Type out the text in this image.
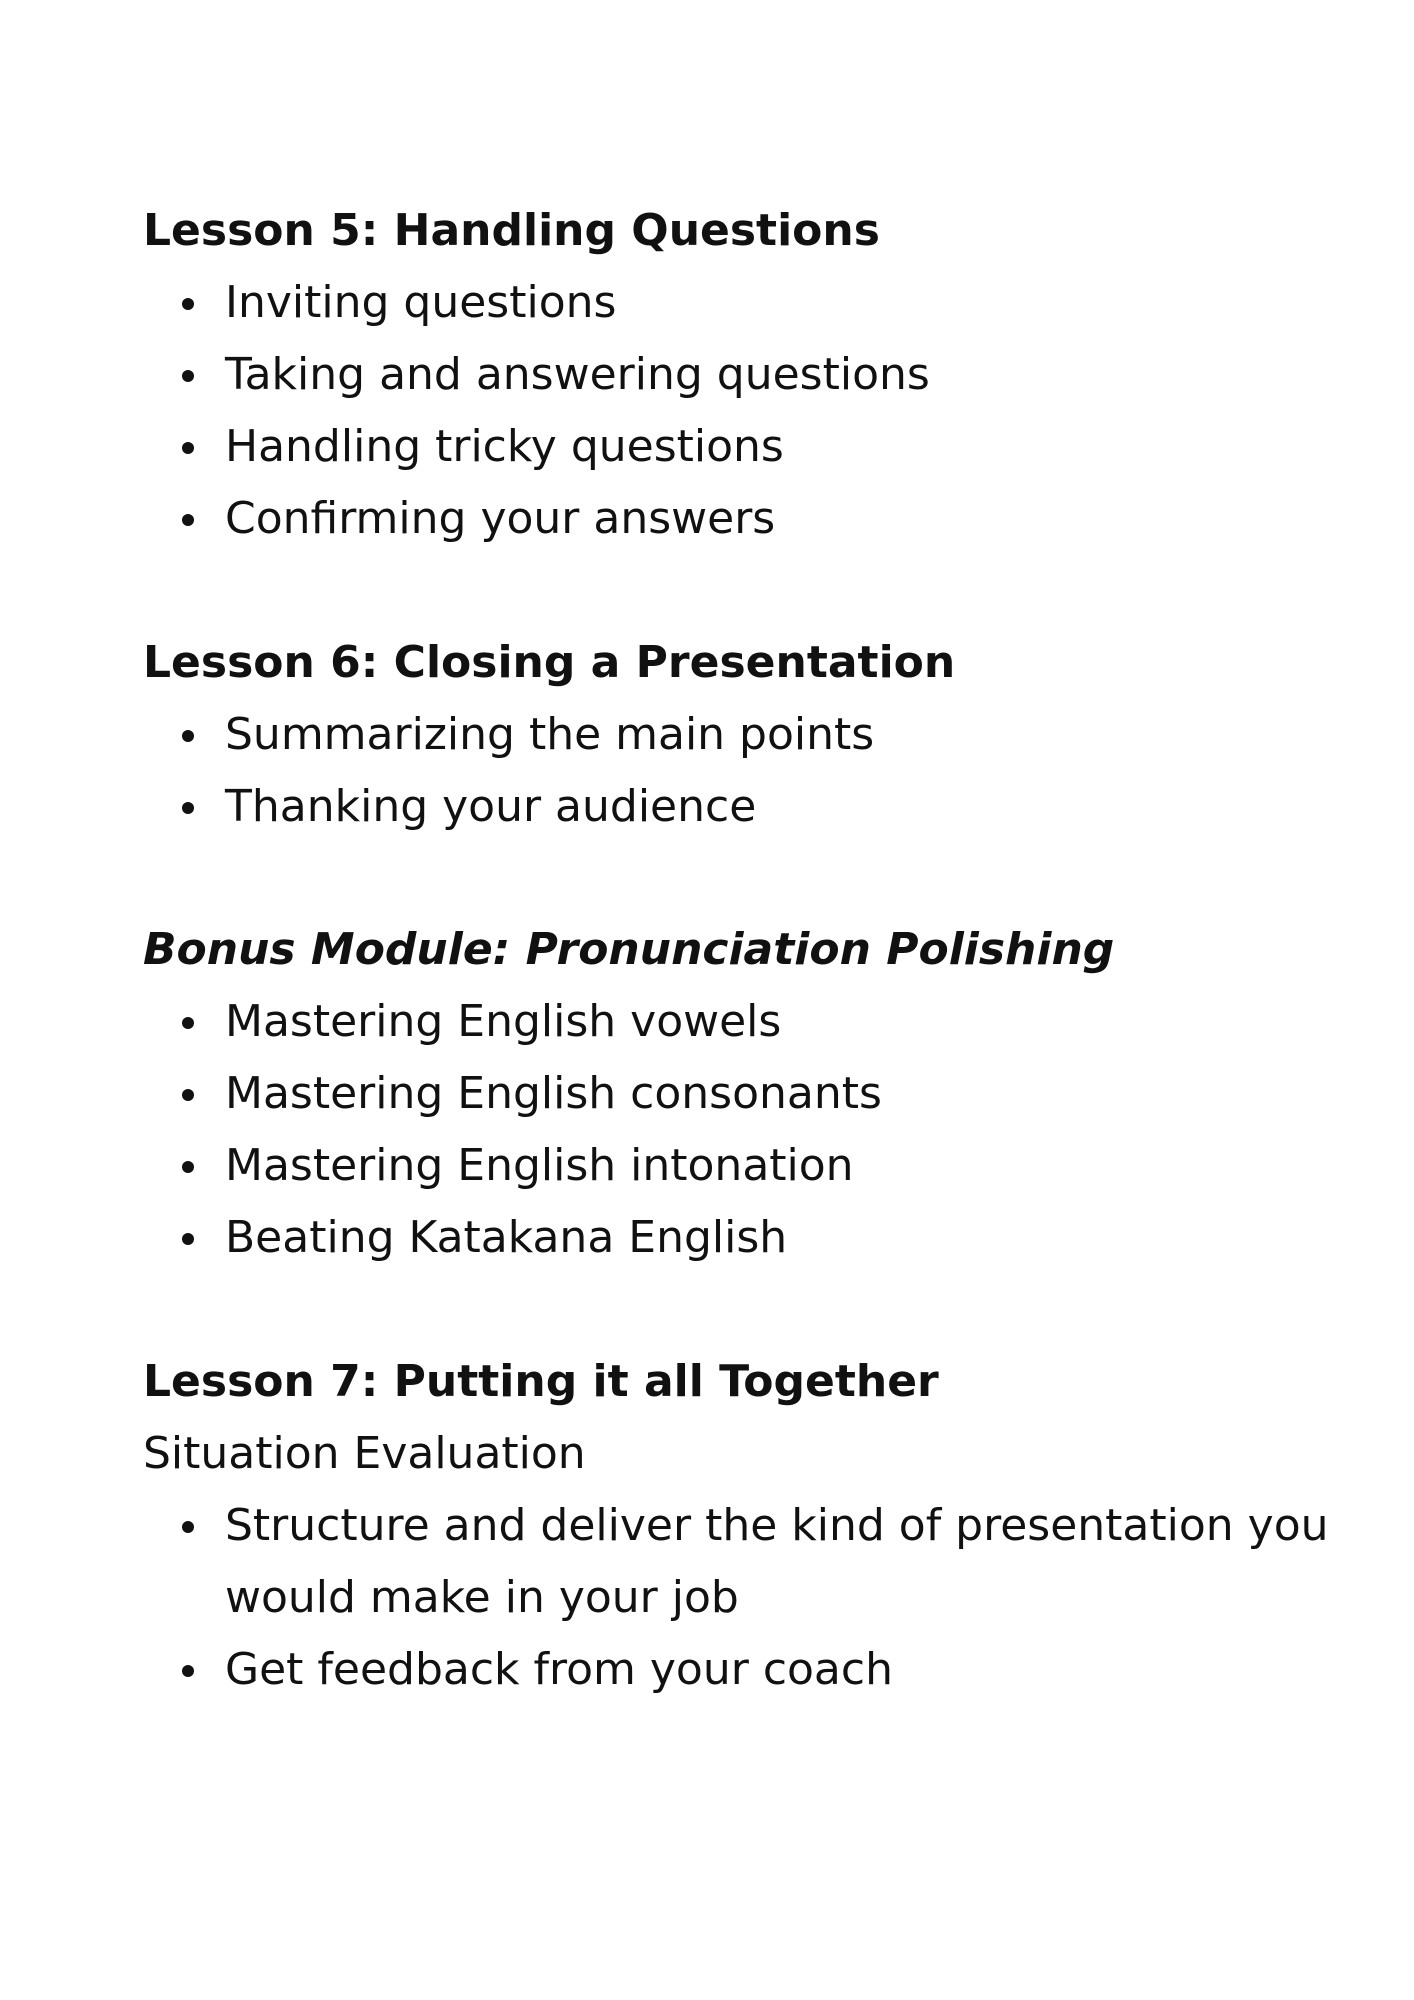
Lesson 5: Handling Questions
Inviting questions
Taking and answering questions
Handling tricky questions
Confirming your answers
Lesson 6: Closing a Presentation
Summarizing the main points
Thanking your audience
Bonus Module: Pronunciation Polishing
Mastering English vowels
Mastering English consonants
Mastering English intonation
Beating Katakana English
Lesson 7: Putting it all Together

Situation Evaluation

Structure and deliver the kind of presentation you would make in your job
Get feedback from your coach
